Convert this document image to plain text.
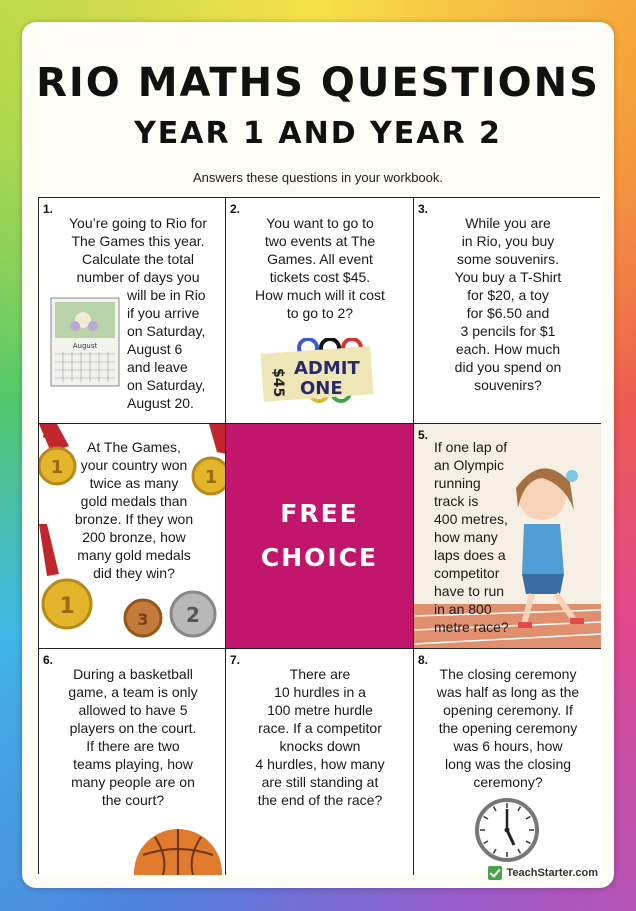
RIO MATHS QUESTIONS
YEAR 1 AND YEAR 2
Answers these questions in your workbook.
1.
You’re going to Rio for
The Games this year.
Calculate the total
number of days you
August
will be in Rio
if you arrive
on Saturday,
August 6
and leave
on Saturday,
August 20.
2.
You want to go to
two events at The
Games. All event
tickets cost $45.
How much will it cost
to go to 2?
$45 ADMIT
ONE
3.
While you are
in Rio, you buy
some souvenirs.
You buy a T-Shirt
for $20, a toy
for $6.50 and
3 pencils for $1
each. How much
did you spend on
souvenirs?
1	1
1
3 2
At The Games,
your country won
twice as many
gold medals than
bronze. If they won
200 bronze, how
many gold medals
did they win?
FREE
CHOICE
5.
If one lap of
an Olympic
running
track is
400 metres,
how many
laps does a
competitor
have to run
in an 800
metre race?
6.
During a basketball
game, a team is only
allowed to have 5
players on the court.
If there are two
teams playing, how
many people are on
the court?
7.
There are
10 hurdles in a
100 metre hurdle
race. If a competitor
knocks down
4 hurdles, how many
are still standing at
the end of the race?
8.
The closing ceremony
was half as long as the
opening ceremony. If
the opening ceremony
was 6 hours, how
long was the closing
ceremony?
TeachStarter.com
